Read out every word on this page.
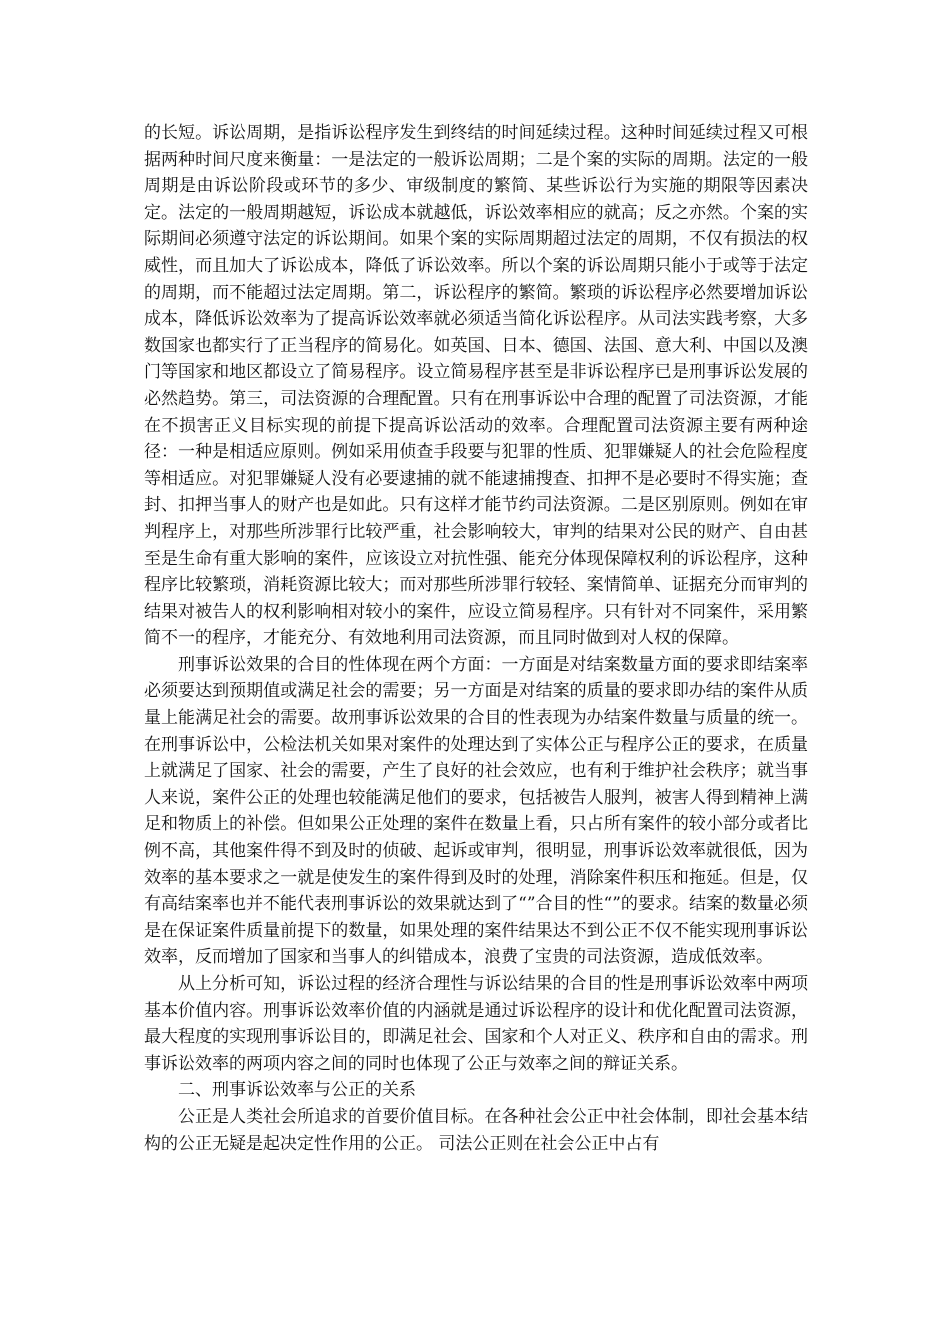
的长短。诉讼周期，是指诉讼程序发生到终结的时间延续过程。这种时间延续过程又可根据两种时间尺度来衡量：一是法定的一般诉讼周期；二是个案的实际的周期。法定的一般周期是由诉讼阶段或环节的多少、审级制度的繁简、某些诉讼行为实施的期限等因素决定。法定的一般周期越短，诉讼成本就越低，诉讼效率相应的就高；反之亦然。个案的实际期间必须遵守法定的诉讼期间。如果个案的实际周期超过法定的周期，不仅有损法的权威性，而且加大了诉讼成本，降低了诉讼效率。所以个案的诉讼周期只能小于或等于法定的周期，而不能超过法定周期。第二，诉讼程序的繁简。繁琐的诉讼程序必然要增加诉讼成本，降低诉讼效率为了提高诉讼效率就必须适当简化诉讼程序。从司法实践考察，大多数国家也都实行了正当程序的简易化。如英国、日本、德国、法国、意大利、中国以及澳门等国家和地区都设立了简易程序。设立简易程序甚至是非诉讼程序已是刑事诉讼发展的必然趋势。第三，司法资源的合理配置。只有在刑事诉讼中合理的配置了司法资源，才能在不损害正义目标实现的前提下提高诉讼活动的效率。合理配置司法资源主要有两种途径：一种是相适应原则。例如采用侦查手段要与犯罪的性质、犯罪嫌疑人的社会危险程度等相适应。对犯罪嫌疑人没有必要逮捕的就不能逮捕搜查、扣押不是必要时不得实施；查封、扣押当事人的财产也是如此。只有这样才能节约司法资源。二是区别原则。例如在审判程序上，对那些所涉罪行比较严重，社会影响较大，审判的结果对公民的财产、自由甚至是生命有重大影响的案件，应该设立对抗性强、能充分体现保障权利的诉讼程序，这种程序比较繁琐，消耗资源比较大；而对那些所涉罪行较轻、案情简单、证据充分而审判的结果对被告人的权利影响相对较小的案件，应设立简易程序。只有针对不同案件，采用繁简不一的程序，才能充分、有效地利用司法资源，而且同时做到对人权的保障。

刑事诉讼效果的合目的性体现在两个方面：一方面是对结案数量方面的要求即结案率必须要达到预期值或满足社会的需要；另一方面是对结案的质量的要求即办结的案件从质量上能满足社会的需要。故刑事诉讼效果的合目的性表现为办结案件数量与质量的统一。在刑事诉讼中，公检法机关如果对案件的处理达到了实体公正与程序公正的要求，在质量上就满足了国家、社会的需要，产生了良好的社会效应，也有利于维护社会秩序；就当事人来说，案件公正的处理也较能满足他们的要求，包括被告人服判，被害人得到精神上满足和物质上的补偿。但如果公正处理的案件在数量上看，只占所有案件的较小部分或者比例不高，其他案件得不到及时的侦破、起诉或审判，很明显，刑事诉讼效率就很低，因为效率的基本要求之一就是使发生的案件得到及时的处理，消除案件积压和拖延。但是，仅有高结案率也并不能代表刑事诉讼的效果就达到了“”合目的性“”的要求。结案的数量必须是在保证案件质量前提下的数量，如果处理的案件结果达不到公正不仅不能实现刑事诉讼效率，反而增加了国家和当事人的纠错成本，浪费了宝贵的司法资源，造成低效率。

从上分析可知，诉讼过程的经济合理性与诉讼结果的合目的性是刑事诉讼效率中两项基本价值内容。刑事诉讼效率价值的内涵就是通过诉讼程序的设计和优化配置司法资源，最大程度的实现刑事诉讼目的，即满足社会、国家和个人对正义、秩序和自由的需求。刑事诉讼效率的两项内容之间的同时也体现了公正与效率之间的辩证关系。

二、刑事诉讼效率与公正的关系

公正是人类社会所追求的首要价值目标。在各种社会公正中社会体制，即社会基本结构的公正无疑是起决定性作用的公正。 司法公正则在社会公正中占有
